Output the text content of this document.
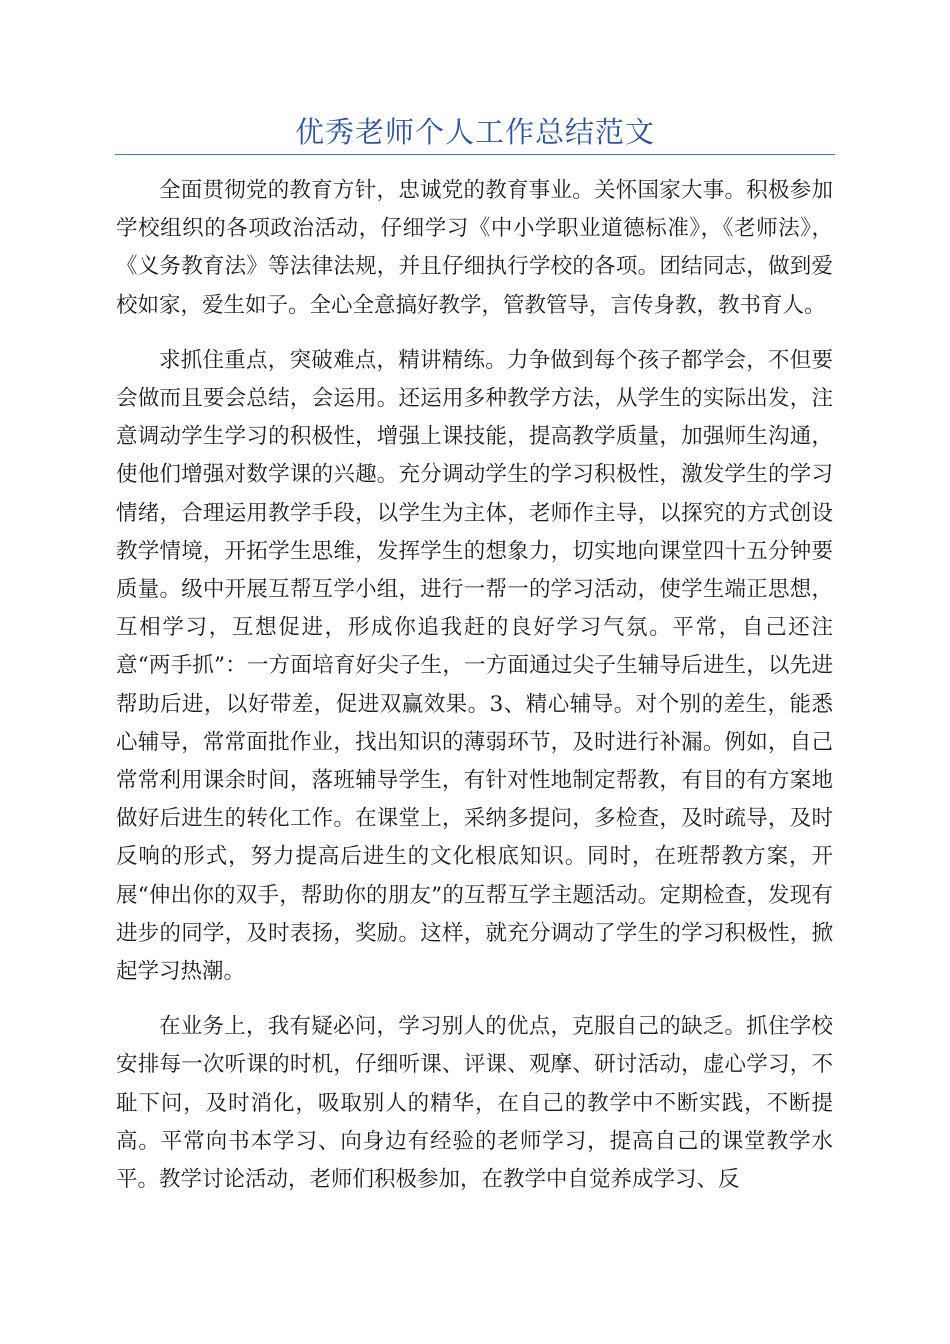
优秀老师个人工作总结范文

全面贯彻党的教育方针，忠诚党的教育事业。关怀国家大事。积极参加学校组织的各项政治活动，仔细学习《中小学职业道德标准》，《老师法》，《义务教育法》等法律法规，并且仔细执行学校的各项。团结同志，做到爱校如家，爱生如子。全心全意搞好教学，管教管导，言传身教，教书育人。

求抓住重点，突破难点，精讲精练。力争做到每个孩子都学会，不但要会做而且要会总结，会运用。还运用多种教学方法，从学生的实际出发，注意调动学生学习的积极性，增强上课技能，提高教学质量，加强师生沟通，使他们增强对数学课的兴趣。充分调动学生的学习积极性，激发学生的学习情绪，合理运用教学手段，以学生为主体，老师作主导，以探究的方式创设教学情境，开拓学生思维，发挥学生的想象力，切实地向课堂四十五分钟要质量。级中开展互帮互学小组，进行一帮一的学习活动，使学生端正思想，互相学习，互想促进，形成你追我赶的良好学习气氛。平常，自己还注意“两手抓”：一方面培育好尖子生，一方面通过尖子生辅导后进生，以先进帮助后进，以好带差，促进双赢效果。3、精心辅导。对个别的差生，能悉心辅导，常常面批作业，找出知识的薄弱环节，及时进行补漏。例如，自己常常利用课余时间，落班辅导学生，有针对性地制定帮教，有目的有方案地做好后进生的转化工作。在课堂上，采纳多提问，多检查，及时疏导，及时反响的形式，努力提高后进生的文化根底知识。同时，在班帮教方案，开展“伸出你的双手，帮助你的朋友”的互帮互学主题活动。定期检查，发现有进步的同学，及时表扬，奖励。这样，就充分调动了学生的学习积极性，掀起学习热潮。

在业务上，我有疑必问，学习别人的优点，克服自己的缺乏。抓住学校安排每一次听课的时机，仔细听课、评课、观摩、研讨活动，虚心学习，不耻下问，及时消化，吸取别人的精华，在自己的教学中不断实践，不断提高。平常向书本学习、向身边有经验的老师学习，提高自己的课堂教学水平。教学讨论活动，老师们积极参加，在教学中自觉养成学习、反
